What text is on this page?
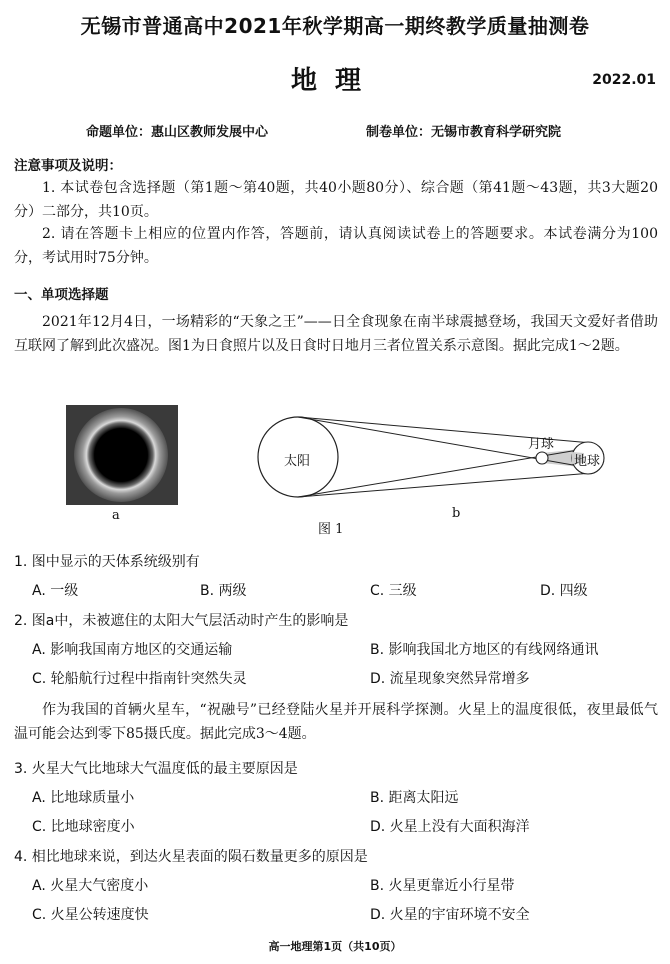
无锡市普通高中2021年秋学期高一期终教学质量抽测卷
地理	2022.01
命题单位：惠山区教师发展中心	制卷单位：无锡市教育科学研究院
注意事项及说明：
1. 本试卷包含选择题（第1题～第40题，共40小题80分）、综合题（第41题～43题，共3大题20分）二部分，共10页。
2. 请在答题卡上相应的位置内作答，答题前，请认真阅读试卷上的答题要求。本试卷满分为100分，考试用时75分钟。
一、单项选择题
2021年12月4日，一场精彩的“天象之王”——日全食现象在南半球震撼登场，我国天文爱好者借助互联网了解到此次盛况。图1为日食照片以及日食时日地月三者位置关系示意图。据此完成1～2题。
a
太阳
月球
地球
b
图 1
1. 图中显示的天体系统级别有
A. 一级	B. 两级	C. 三级	D. 四级
2. 图a中，未被遮住的太阳大气层活动时产生的影响是
A. 影响我国南方地区的交通运输	B. 影响我国北方地区的有线网络通讯
C. 轮船航行过程中指南针突然失灵	D. 流星现象突然异常增多
作为我国的首辆火星车，“祝融号”已经登陆火星并开展科学探测。火星上的温度很低，夜里最低气温可能会达到零下85摄氏度。据此完成3～4题。
3. 火星大气比地球大气温度低的最主要原因是
A. 比地球质量小	B. 距离太阳远
C. 比地球密度小	D. 火星上没有大面积海洋
4. 相比地球来说，到达火星表面的陨石数量更多的原因是
A. 火星大气密度小	B. 火星更靠近小行星带
C. 火星公转速度快	D. 火星的宇宙环境不安全
高一地理第1页（共10页）
